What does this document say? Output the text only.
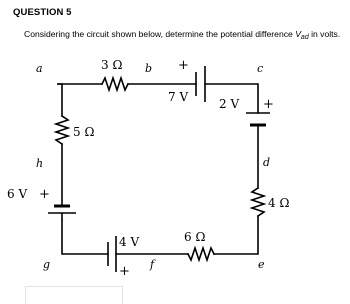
QUESTION 5
Considering the circuit shown below, determine the potential difference $V_{ad}$ in volts.
a	b	c
d
e
f
g
h
3 Ω
5 Ω
4 Ω
6 Ω
7 V	2 V
6 V
4 V
+
+
+
+
